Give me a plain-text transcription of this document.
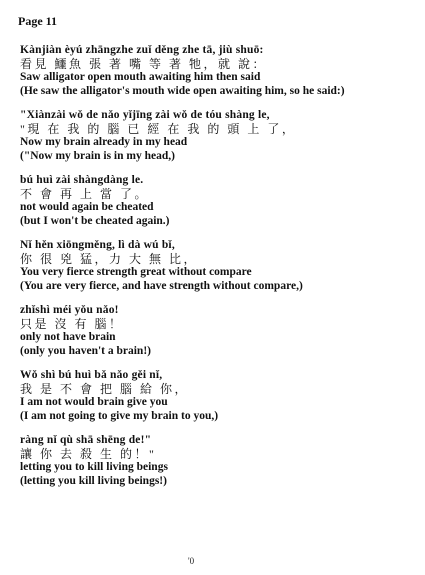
Page 11
Kànjiàn èyú zhāngzhe zuǐ děng zhe tā, jiù shuō:
看見 鱷魚 張 著 嘴 等 著 牠，就 說：
Saw alligator open mouth awaiting him then said
(He saw the alligator's mouth wide open awaiting him, so he said:)
"Xiànzài wǒ de nǎo yǐjīng zài wǒ de tóu shàng le,
"現 在 我 的 腦 已 經 在 我 的 頭 上 了，
Now my brain already in my head
("Now my brain is in my head,)
bú huì zài shàngdàng le.
不 會 再 上 當 了。
not would again be cheated
(but I won't be cheated again.)
Nǐ hěn xiōngměng, lì dà wú bǐ,
你 很 兇 猛，力 大 無 比，
You very fierce strength great without compare
(You are very fierce, and have strength without compare,)
zhǐshì méi yǒu nǎo!
只是 沒 有 腦！
only not have brain
(only you haven't a brain!)
Wǒ shì bú huì bǎ nǎo gěi nǐ,
我 是 不 會 把 腦 給 你，
I am not would brain give you
(I am not going to give my brain to you,)
ràng nǐ qù shā shēng de!"
讓 你 去 殺 生 的！"
letting you to kill living beings
(letting you kill living beings!)
'0
